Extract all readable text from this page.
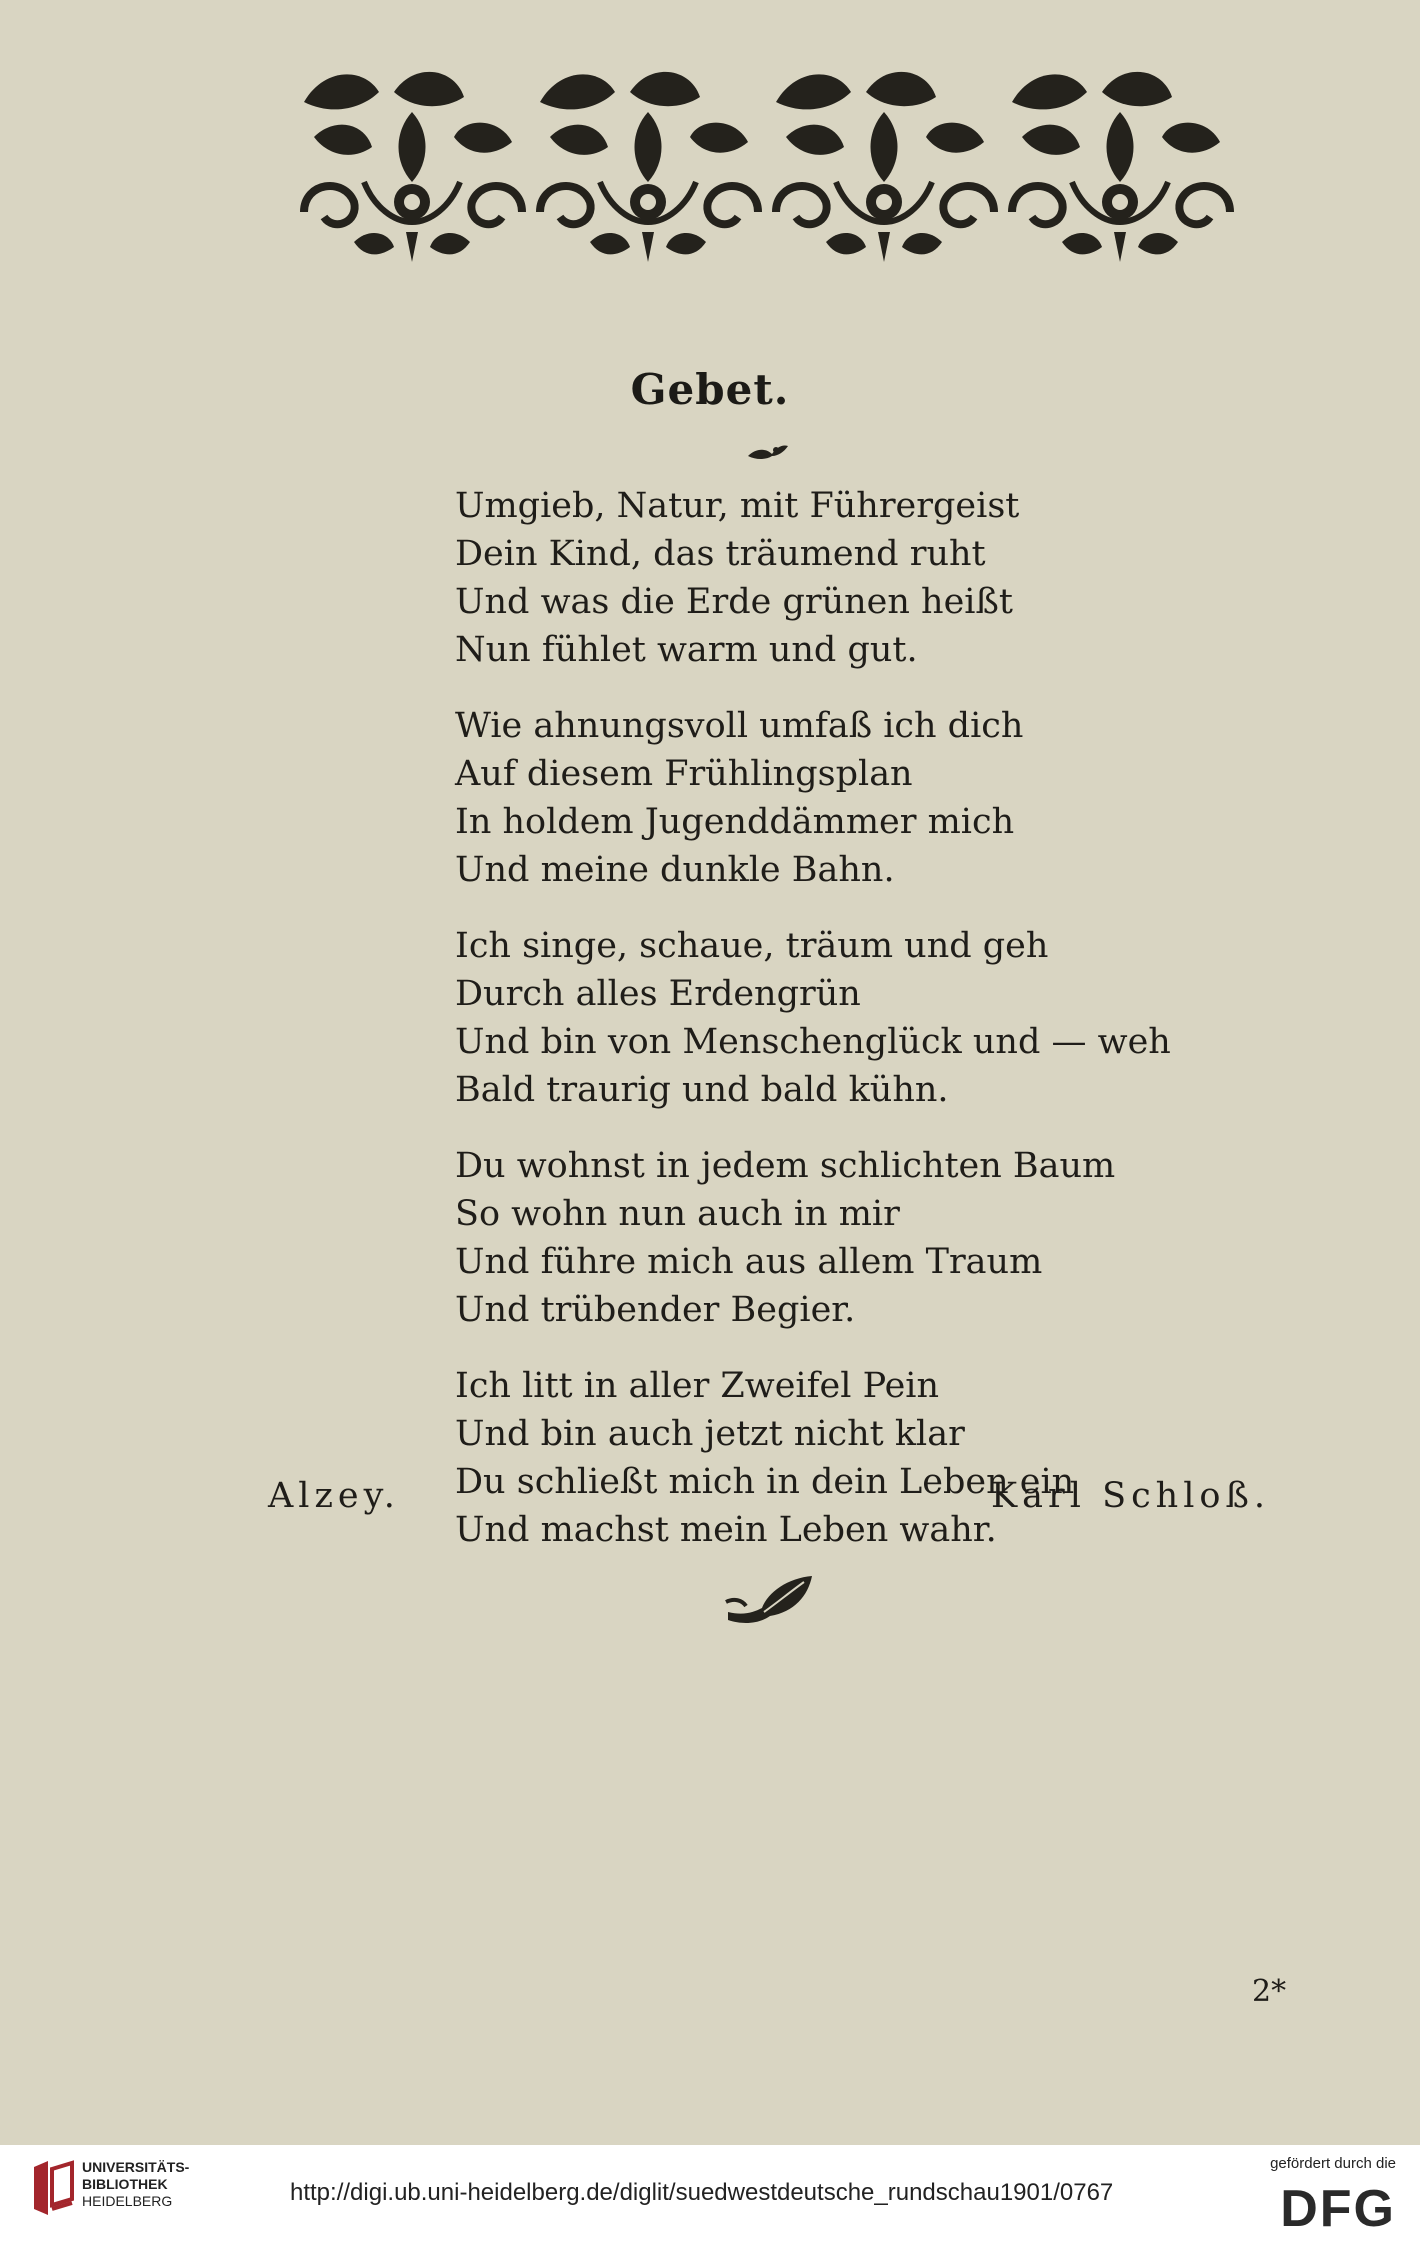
Gebet.
Umgieb, Natur, mit Führergeist
Dein Kind, das träumend ruht
Und was die Erde grünen heißt
Nun fühlet warm und gut.
Wie ahnungsvoll umfaß ich dich
Auf diesem Frühlingsplan
In holdem Jugenddämmer mich
Und meine dunkle Bahn.
Ich singe, schaue, träum und geh
Durch alles Erdengrün
Und bin von Menschenglück und — weh
Bald traurig und bald kühn.
Du wohnst in jedem schlichten Baum
So wohn nun auch in mir
Und führe mich aus allem Traum
Und trübender Begier.
Ich litt in aller Zweifel Pein
Und bin auch jetzt nicht klar
Du schließt mich in dein Leben ein
Und machst mein Leben wahr.
Alzey.	Karl Schloß.
2*
UNIVERSITÄTS-
BIBLIOTHEK
HEIDELBERG	http://digi.ub.uni-heidelberg.de/diglit/suedwestdeutsche_rundschau1901/0767
gefördert durch die
DFG
